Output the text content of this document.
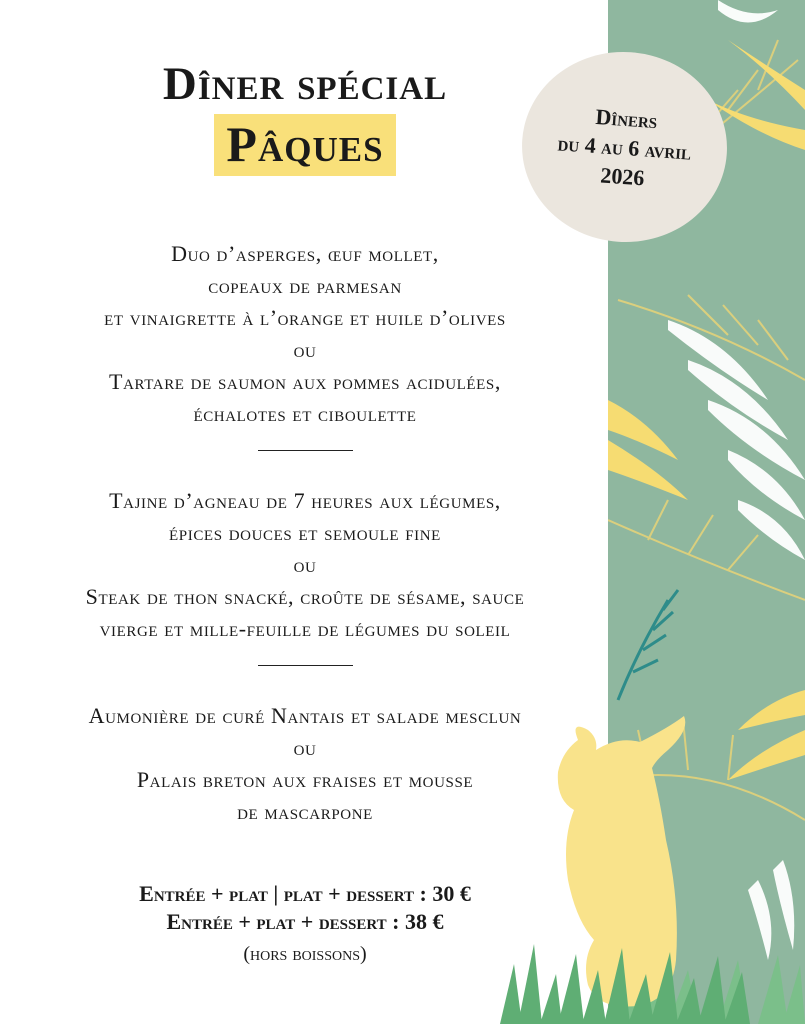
Dîner spécial
Pâques	Dîners
du 4 au 6 avril
2026
Duo d’asperges, œuf mollet,
copeaux de parmesan
et vinaigrette à l’orange et huile d’olives
ou
Tartare de saumon aux pommes acidulées,
échalotes et ciboulette
Tajine d’agneau de 7 heures aux légumes,
épices douces et semoule fine
ou
Steak de thon snacké, croûte de sésame, sauce
vierge et mille-feuille de légumes du soleil
Aumonière de curé Nantais et salade mesclun
ou
Palais breton aux fraises et mousse
de mascarpone
Entrée + plat | plat + dessert : 30 €
Entrée + plat + dessert : 38 €
(hors boissons)
